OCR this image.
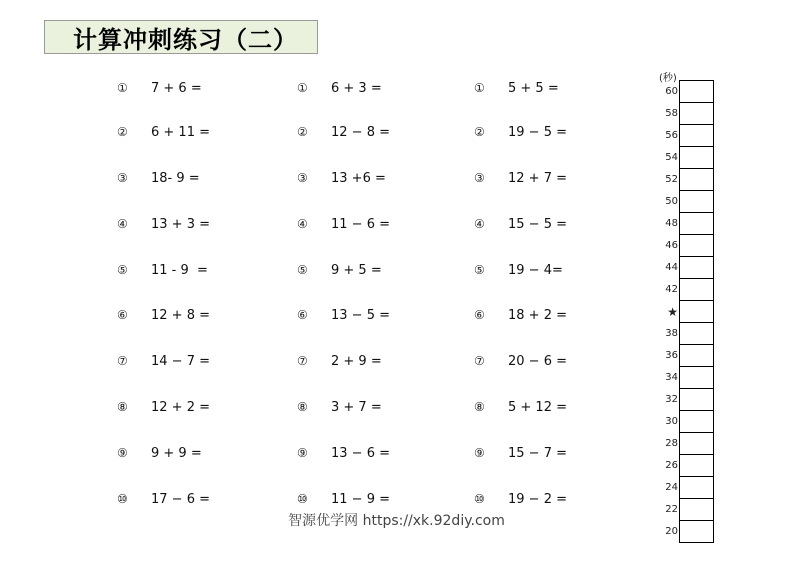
计算冲刺练习（二）
①	7 + 6 =
②	6 + 11 =
③	18- 9 =
④	13 + 3 =
⑤	11 - 9  =
⑥	12 + 8 =
⑦	14 − 7 =
⑧	12 + 2 =
⑨	9 + 9 =
⑩	17 − 6 =
①	6 + 3 =
②	12 − 8 =
③	13 +6 =
④	11 − 6 =
⑤	9 + 5 =
⑥	13 − 5 =
⑦	2 + 9 =
⑧	3 + 7 =
⑨	13 − 6 =
⑩	11 − 9 =
①	5 + 5 =
②	19 − 5 =
③	12 + 7 =
④	15 − 5 =
⑤	19 − 4=
⑥	18 + 2 =
⑦	20 − 6 =
⑧	5 + 12 =
⑨	15 − 7 =
⑩	19 − 2 =
(秒)
60
58
56
54
52
50
48
46
44
42
★
38
36
34
32
30
28
26
24
22
20
智源优学网 https://xk.92diy.com
